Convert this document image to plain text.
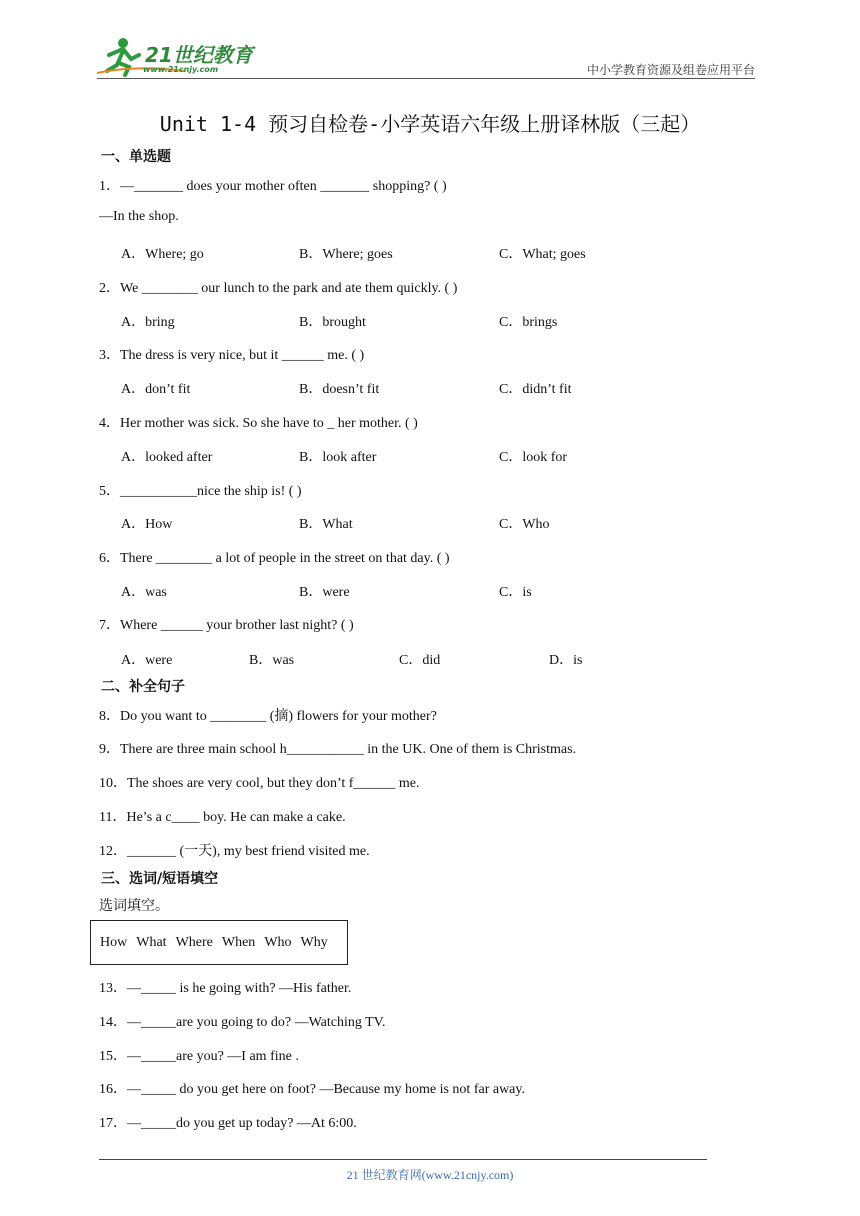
21世纪教育
www.21cnjy.com	中小学教育资源及组卷应用平台
Unit 1-4 预习自检卷-小学英语六年级上册译林版（三起）
一、单选题
1．—_______ does your mother often _______ shopping? ( )
—In the shop.
A．Where; go	B．Where; goes	C．What; goes
2．We ________ our lunch to the park and ate them quickly. ( )
A．bring	B．brought	C．brings
3．The dress is very nice, but it ______ me. ( )
A．don’t fit	B．doesn’t fit	C．didn’t fit
4．Her mother was sick. So she have to _ her mother. ( )
A．looked after	B．look after	C．look for
5．___________nice the ship is! ( )
A．How	B．What	C．Who
6．There ________ a lot of people in the street on that day. ( )
A．was	B．were	C．is
7．Where ______ your brother last night? ( )
A．were	B．was	C．did	D．is
二、补全句子
8．Do you want to ________ (摘) flowers for your mother?
9．There are three main school h___________ in the UK. One of them is Christmas.
10．The shoes are very cool, but they don’t f______ me.
11．He’s a c____ boy. He can make a cake.
12．_______ (一天), my best friend visited me.
三、选词/短语填空
选词填空。
How What Where When Who Why
13．—_____ is he going with? —His father.
14．—_____are you going to do? —Watching TV.
15．—_____are you? —I am fine .
16．—_____ do you get here on foot? —Because my home is not far away.
17．—_____do you get up today? —At 6:00.
21 世纪教育网(www.21cnjy.com)
